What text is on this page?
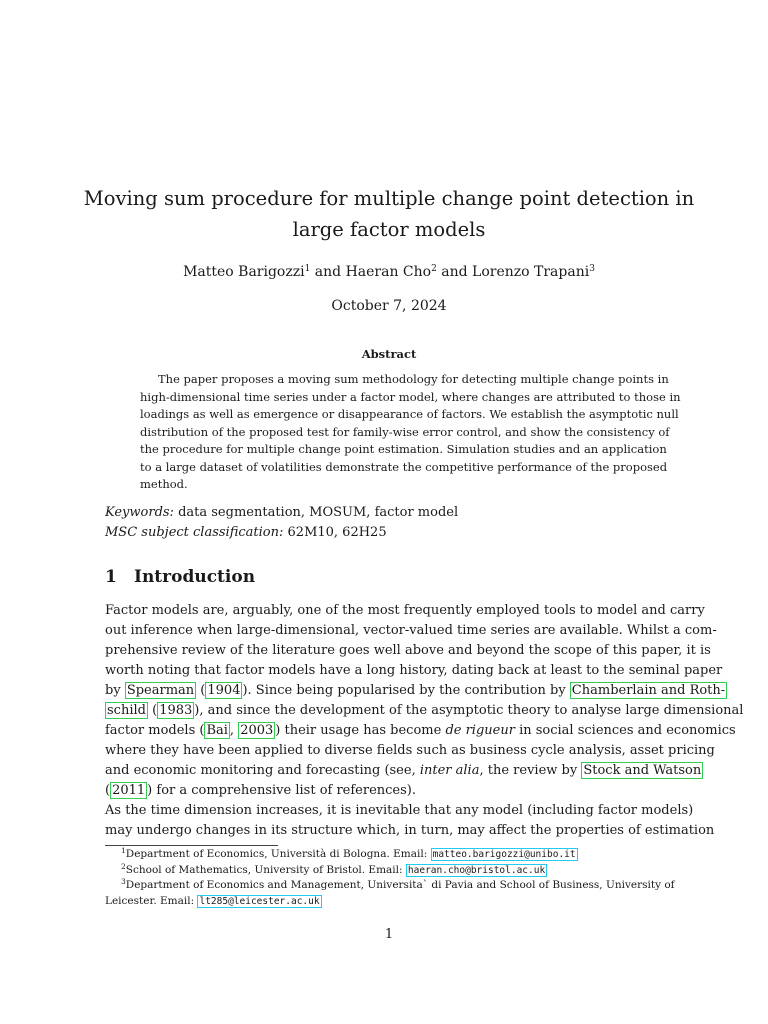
Moving sum procedure for multiple change point detection in
large factor models
Matteo Barigozzi$^1$ and Haeran Cho$^2$ and Lorenzo Trapani$^3$
October 7, 2024
Abstract
The paper proposes a moving sum methodology for detecting multiple change points in
high-dimensional time series under a factor model, where changes are attributed to those in
loadings as well as emergence or disappearance of factors. We establish the asymptotic null
distribution of the proposed test for family-wise error control, and show the consistency of
the procedure for multiple change point estimation. Simulation studies and an application
to a large dataset of volatilities demonstrate the competitive performance of the proposed
method.
Keywords: data segmentation, MOSUM, factor model
MSC subject classification: 62M10, 62H25
1 Introduction
Factor models are, arguably, one of the most frequently employed tools to model and carry
out inference when large-dimensional, vector-valued time series are available. Whilst a com-
prehensive review of the literature goes well above and beyond the scope of this paper, it is
worth noting that factor models have a long history, dating back at least to the seminal paper
by Spearman ( 1904 ). Since being popularised by the contribution by Chamberlain and Roth-
schild ( 1983 ), and since the development of the asymptotic theory to analyse large dimensional
factor models ( Bai , 2003 ) their usage has become de rigueur in social sciences and economics
where they have been applied to diverse fields such as business cycle analysis, asset pricing
and economic monitoring and forecasting (see, inter alia, the review by Stock and Watson
( 2011 ) for a comprehensive list of references).
As the time dimension increases, it is inevitable that any model (including factor models)
may undergo changes in its structure which, in turn, may affect the properties of estimation
$^1$Department of Economics, Università di Bologna. Email: matteo.barigozzi@unibo.it
$^2$School of Mathematics, University of Bristol. Email: haeran.cho@bristol.ac.uk
$^3$Department of Economics and Management, Universita` di Pavia and School of Business, University of
Leicester. Email: lt285@leicester.ac.uk
1
